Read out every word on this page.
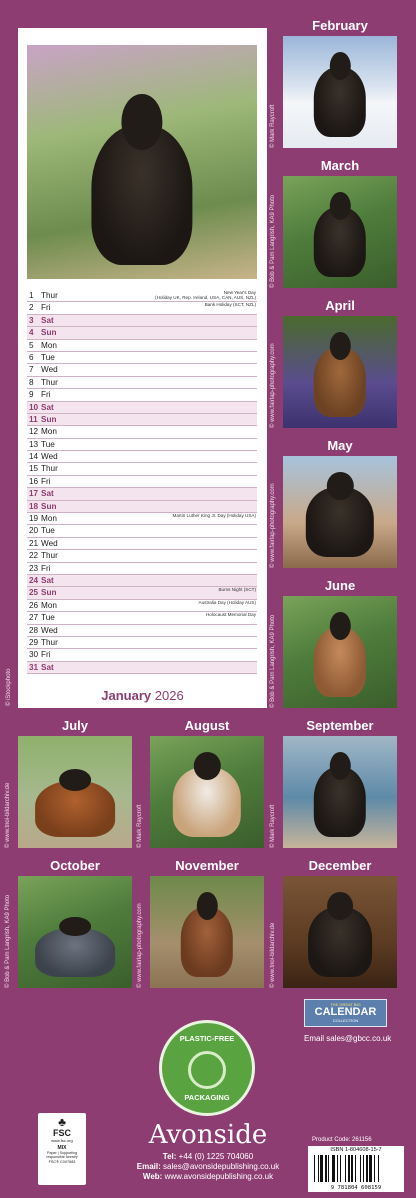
1 Thur	New Year's Day
(Holiday UK, Rep. Ireland, USA, CAN, AUS, NZL)
2 Fri	Bank Holiday (SCT, NZL)
3 Sat
4 Sun
5 Mon
6 Tue
7 Wed
8 Thur
9 Fri
10 Sat
11 Sun
12 Mon
13 Tue
14 Wed
15 Thur
16 Fri
17 Sat
18 Sun
19 Mon	Martin Luther King Jr. Day (Holiday USA)
20 Tue
21 Wed
22 Thur
23 Fri
24 Sat
25 Sun	Burns Night (SCT)
26 Mon	Australia Day (Holiday AUS)
27 Tue	Holocaust Memorial Day
28 Wed
29 Thur
30 Fri
31 Sat
January 2026
© iStockphoto
February
© Mark Raycroft
March
© Bob & Pam Langrish, KA9 Photo
April
© www.fairlap-photography.com
May
© www.fairlap-photography.com
June
© Bob & Pam Langrish, KA9 Photo
July
© www.tnoi-bildarchiv.de
August
© Mark Raycroft
September
© Mark Raycroft
October
© Bob & Pam Langrish, KA9 Photo
November
© www.fairlap-photography.com
December
© www.tnoi-bildarchiv.de
THE GREAT BIG
CALENDAR
COLLECTION
Email sales@gbcc.co.uk
PLASTIC-FREE
PACKAGING
♣
FSC
www.fsc.org
MIX
Paper | Supporting responsible forestry
FSC® C007683
Avonside
Tel: +44 (0) 1225 704060
Email: sales@avonsidepublishing.co.uk
Web: www.avonsidepublishing.co.uk
Product Code: 261156
ISBN 1-804608-15-7
9 781804 608159
